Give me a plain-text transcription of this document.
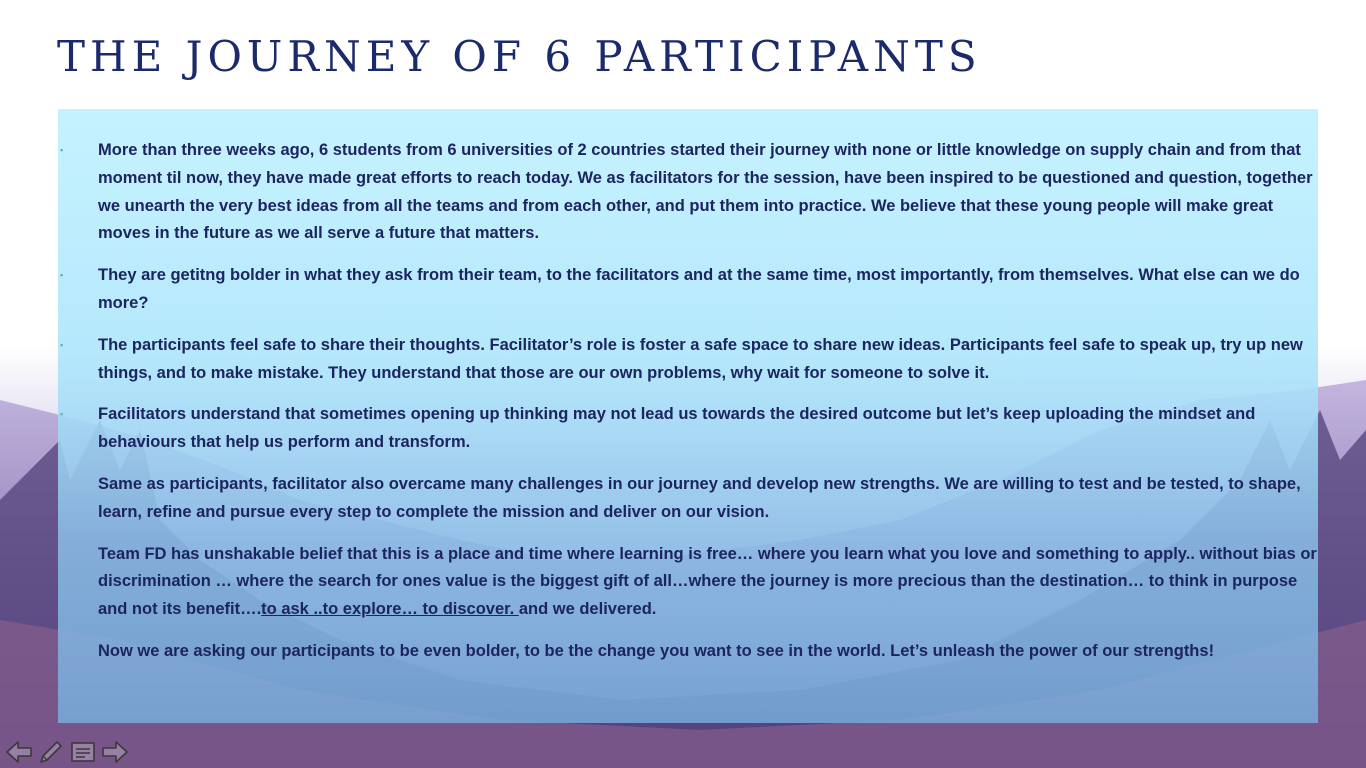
THE JOURNEY OF 6 PARTICIPANTS
▪ More than three weeks ago, 6 students from 6 universities of 2 countries started their journey with none or little knowledge on supply chain and from that moment til now, they have made great efforts to reach today. We as facilitators for the session, have been inspired to be questioned and question, together we unearth the very best ideas from all the teams and from each other, and put them into practice. We believe that these young people will make great moves in the future as we all serve a future that matters.
▪ They are getitng bolder in what they ask from their team, to the facilitators and at the same time, most importantly, from themselves. What else can we do more?
▪ The participants feel safe to share their thoughts. Facilitator’s role is foster a safe space to share new ideas. Participants feel safe to speak up, try up new things, and to make mistake. They understand that those are our own problems, why wait for someone to solve it.
▪ Facilitators understand that sometimes opening up thinking may not lead us towards the desired outcome but let’s keep uploading the mindset and behaviours that help us perform and transform.
Same as participants, facilitator also overcame many challenges in our journey and develop new strengths. We are willing to test and be tested, to shape, learn, refine and pursue every step to complete the mission and deliver on our vision.
Team FD has unshakable belief that this is a place and time where learning is free… where you learn what you love and something to apply.. without bias or discrimination … where the search for ones value is the biggest gift of all…where the journey is more precious than the destination… to think in purpose and not its benefit….to ask ..to explore… to discover. and we delivered.
Now we are asking our participants to be even bolder, to be the change you want to see in the world. Let’s unleash the power of our strengths!
